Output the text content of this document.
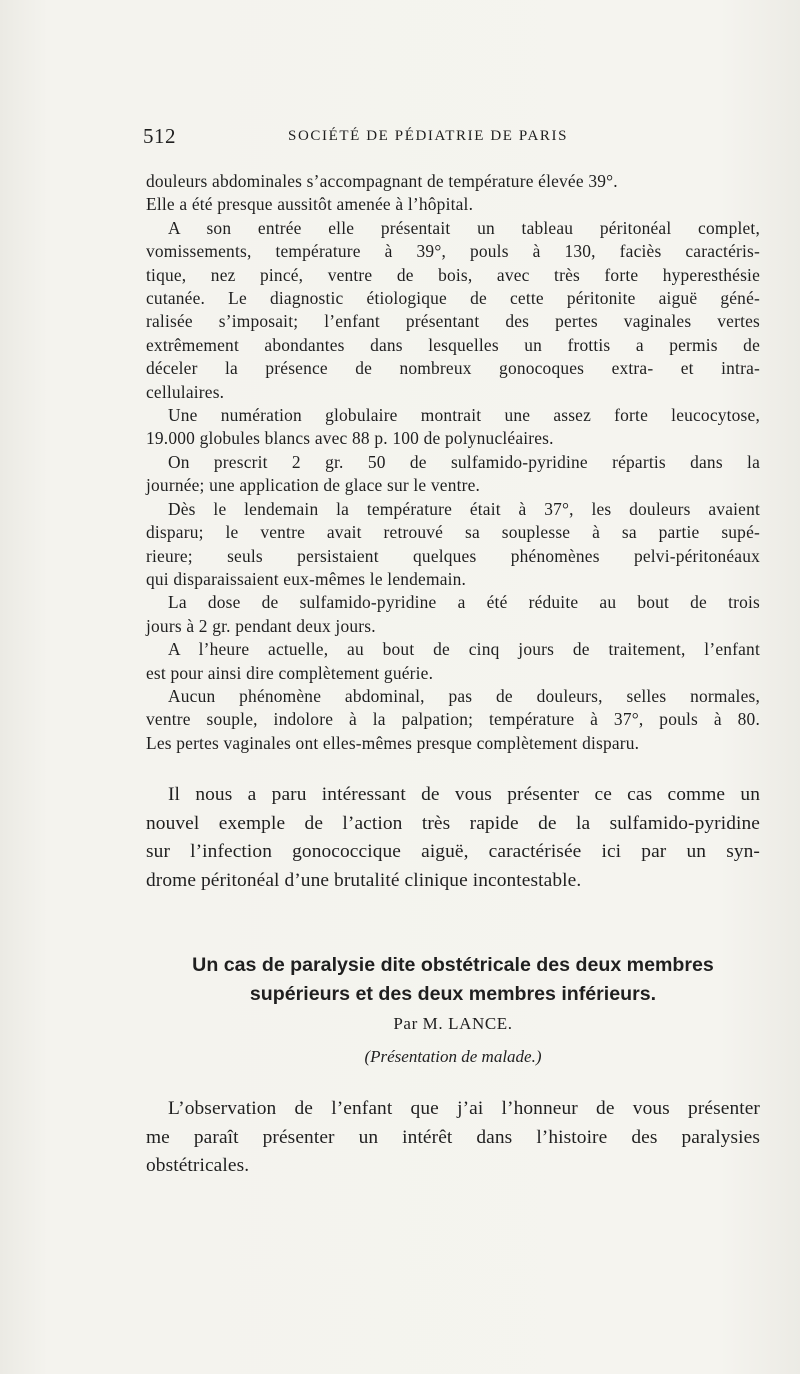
512	SOCIÉTÉ DE PÉDIATRIE DE PARIS

douleurs abdominales s’accompagnant de température élevée 39°.

Elle a été presque aussitôt amenée à l’hôpital.

A son entrée elle présentait un tableau péritonéal complet,

vomissements, température à 39°, pouls à 130, faciès caractéris-

tique, nez pincé, ventre de bois, avec très forte hyperesthésie

cutanée. Le diagnostic étiologique de cette péritonite aiguë géné-

ralisée s’imposait; l’enfant présentant des pertes vaginales vertes

extrêmement abondantes dans lesquelles un frottis a permis de

déceler la présence de nombreux gonocoques extra- et intra-

cellulaires.

Une numération globulaire montrait une assez forte leucocytose,

19.000 globules blancs avec 88 p. 100 de polynucléaires.

On prescrit 2 gr. 50 de sulfamido-pyridine répartis dans la

journée; une application de glace sur le ventre.

Dès le lendemain la température était à 37°, les douleurs avaient

disparu; le ventre avait retrouvé sa souplesse à sa partie supé-

rieure; seuls persistaient quelques phénomènes pelvi-péritonéaux

qui disparaissaient eux-mêmes le lendemain.

La dose de sulfamido-pyridine a été réduite au bout de trois

jours à 2 gr. pendant deux jours.

A l’heure actuelle, au bout de cinq jours de traitement, l’enfant

est pour ainsi dire complètement guérie.

Aucun phénomène abdominal, pas de douleurs, selles normales,

ventre souple, indolore à la palpation; température à 37°, pouls à 80.

Les pertes vaginales ont elles-mêmes presque complètement disparu.

Il nous a paru intéressant de vous présenter ce cas comme un

nouvel exemple de l’action très rapide de la sulfamido-pyridine

sur l’infection gonococcique aiguë, caractérisée ici par un syn-

drome péritonéal d’une brutalité clinique incontestable.

Un cas de paralysie dite obstétricale des deux membres
supérieurs et des deux membres inférieurs.
Par M. LANCE.
(Présentation de malade.)

L’observation de l’enfant que j’ai l’honneur de vous présenter

me paraît présenter un intérêt dans l’histoire des paralysies

obstétricales.
